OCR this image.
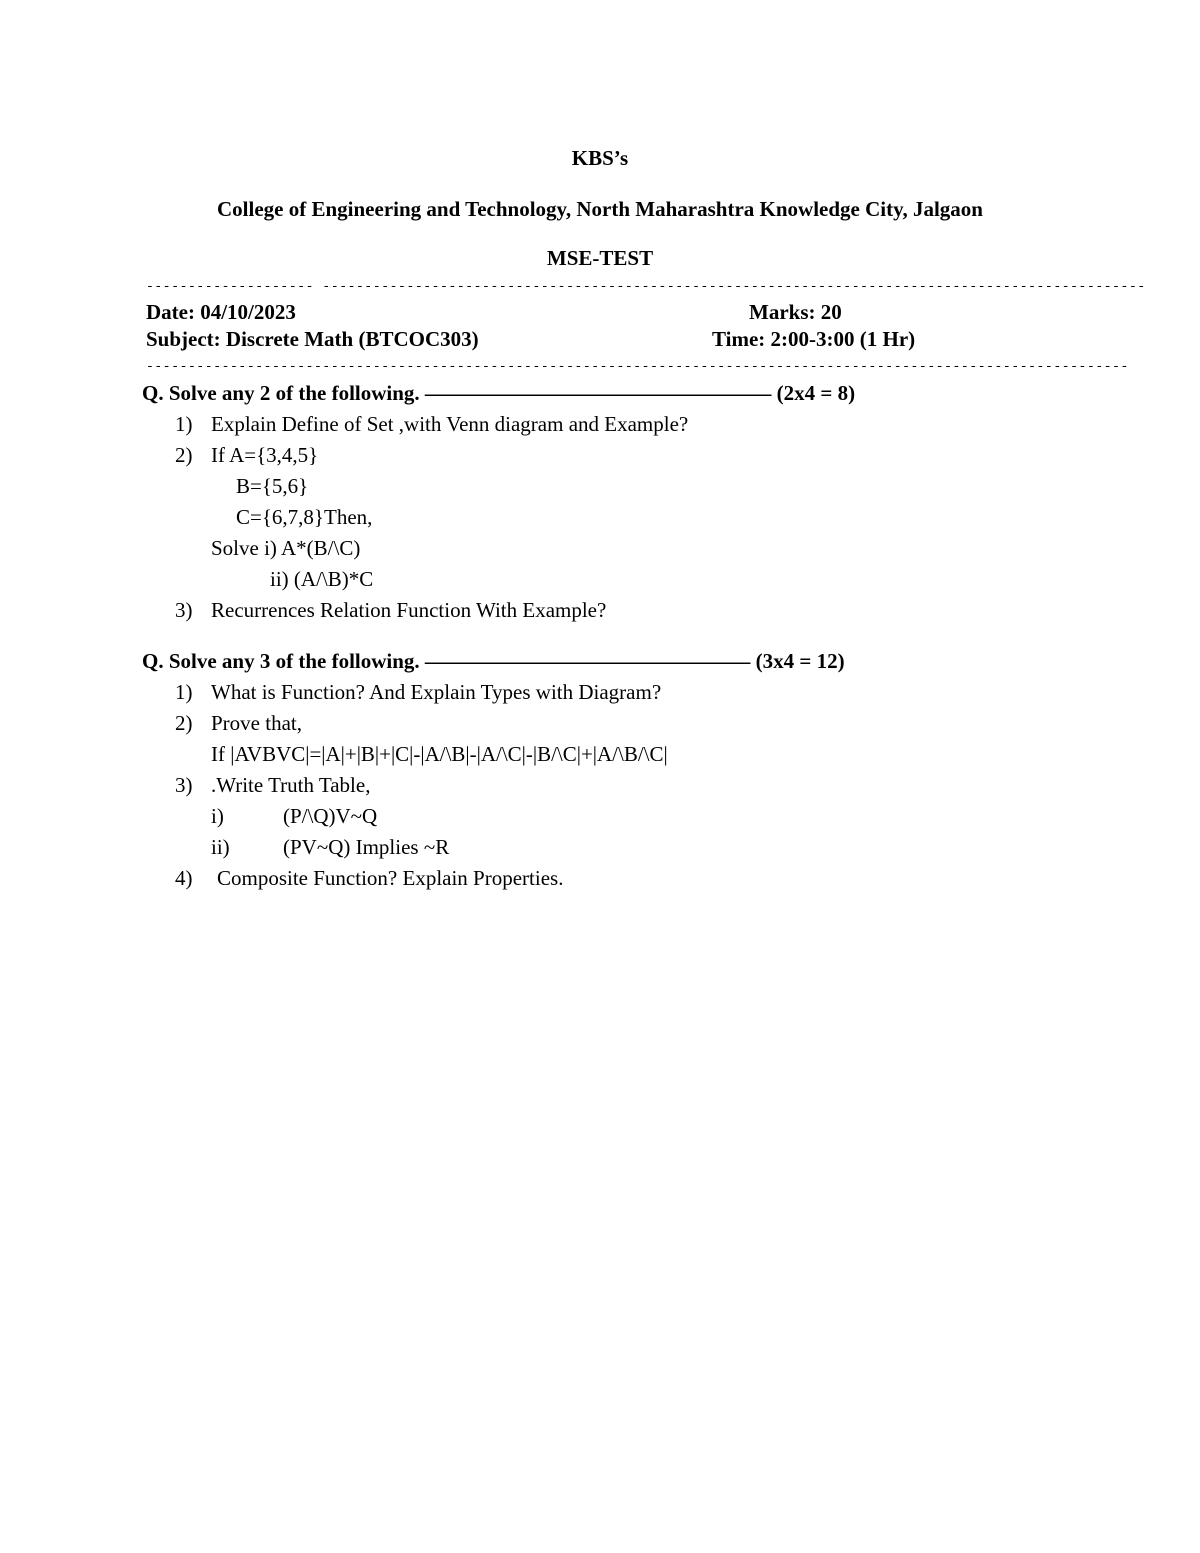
KBS’s
College of Engineering and Technology, North Maharashtra Knowledge City, Jalgaon
MSE-TEST
-------------------- --------------------------------------------------------------------------------------------------
Date: 04/10/2023	Marks: 20
Subject: Discrete Math (BTCOC303)	Time: 2:00-3:00 (1 Hr)
---------------------------------------------------------------------------------------------------------------------
Q. Solve any 2 of the following. ––––––––––––––––––––––––––––––––– (2x4 = 8)
1) Explain Define of Set ,with Venn diagram and Example?
2) If A={3,4,5}
B={5,6}
C={6,7,8}Then,
Solve i) A*(B/\C)
ii) (A/\B)*C
3) Recurrences Relation Function With Example?
Q. Solve any 3 of the following. ––––––––––––––––––––––––––––––– (3x4 = 12)
1) What is Function? And Explain Types with Diagram?
2) Prove that,
If |AVBVC|=|A|+|B|+|C|-|A/\B|-|A/\C|-|B/\C|+|A/\B/\C|
3) .Write Truth Table,
i)	(P/\Q)V~Q
ii)	(PV~Q) Implies ~R
4) Composite Function? Explain Properties.
